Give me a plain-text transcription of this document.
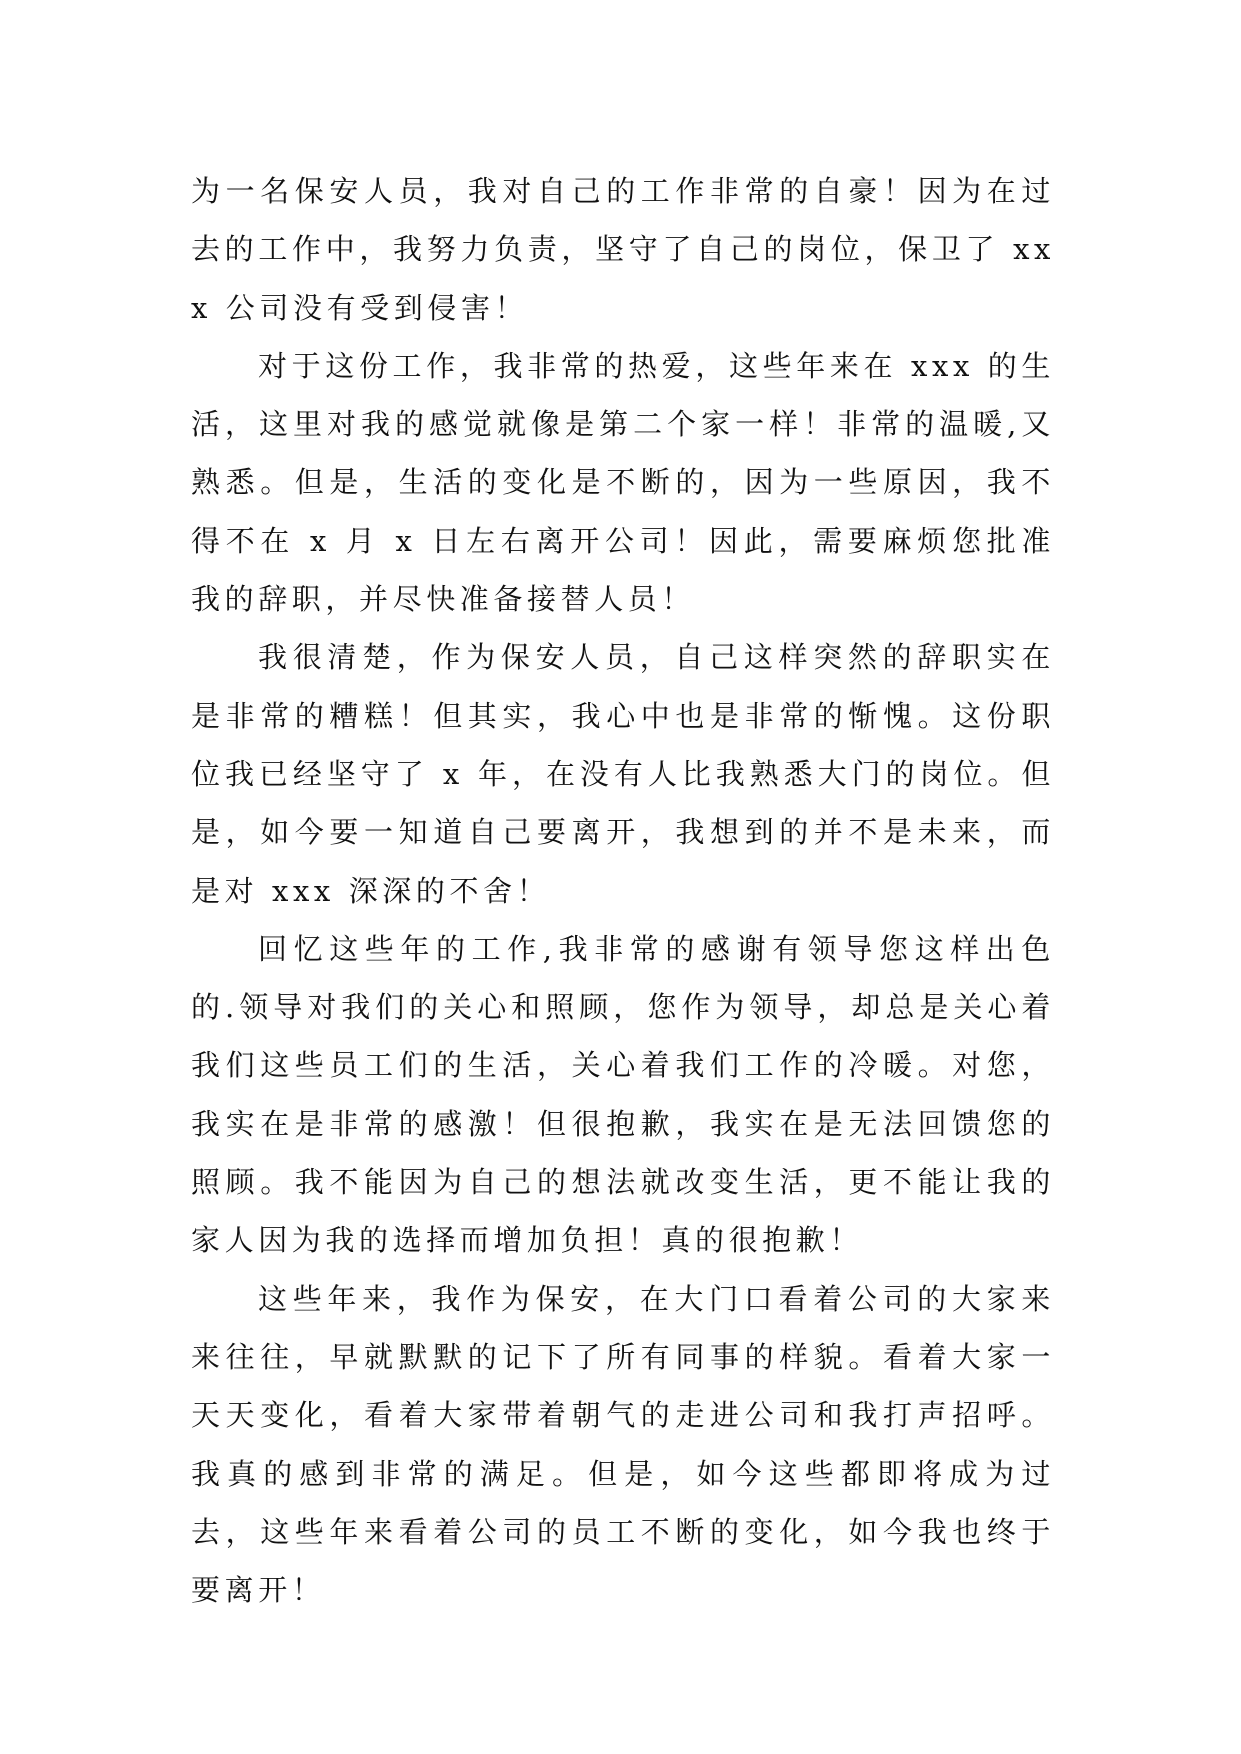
为一名保安人员，我对自己的工作非常的自豪！因为在过去的工作中，我努力负责，坚守了自己的岗位，保卫了 xxx 公司没有受到侵害！

对于这份工作，我非常的热爱，这些年来在 xxx 的生活，这里对我的感觉就像是第二个家一样！非常的温暖,又熟悉。但是，生活的变化是不断的，因为一些原因，我不得不在 x 月 x 日左右离开公司！因此，需要麻烦您批准我的辞职，并尽快准备接替人员！

我很清楚，作为保安人员，自己这样突然的辞职实在是非常的糟糕！但其实，我心中也是非常的惭愧。这份职位我已经坚守了 x 年，在没有人比我熟悉大门的岗位。但是，如今要一知道自己要离开，我想到的并不是未来，而是对 xxx 深深的不舍！

回忆这些年的工作,我非常的感谢有领导您这样出色的.领导对我们的关心和照顾，您作为领导，却总是关心着我们这些员工们的生活，关心着我们工作的冷暖。对您，我实在是非常的感激！但很抱歉，我实在是无法回馈您的照顾。我不能因为自己的想法就改变生活，更不能让我的家人因为我的选择而增加负担！真的很抱歉！

这些年来，我作为保安，在大门口看着公司的大家来来往往，早就默默的记下了所有同事的样貌。看着大家一天天变化，看着大家带着朝气的走进公司和我打声招呼。我真的感到非常的满足。但是，如今这些都即将成为过去，这些年来看着公司的员工不断的变化，如今我也终于要离开！
